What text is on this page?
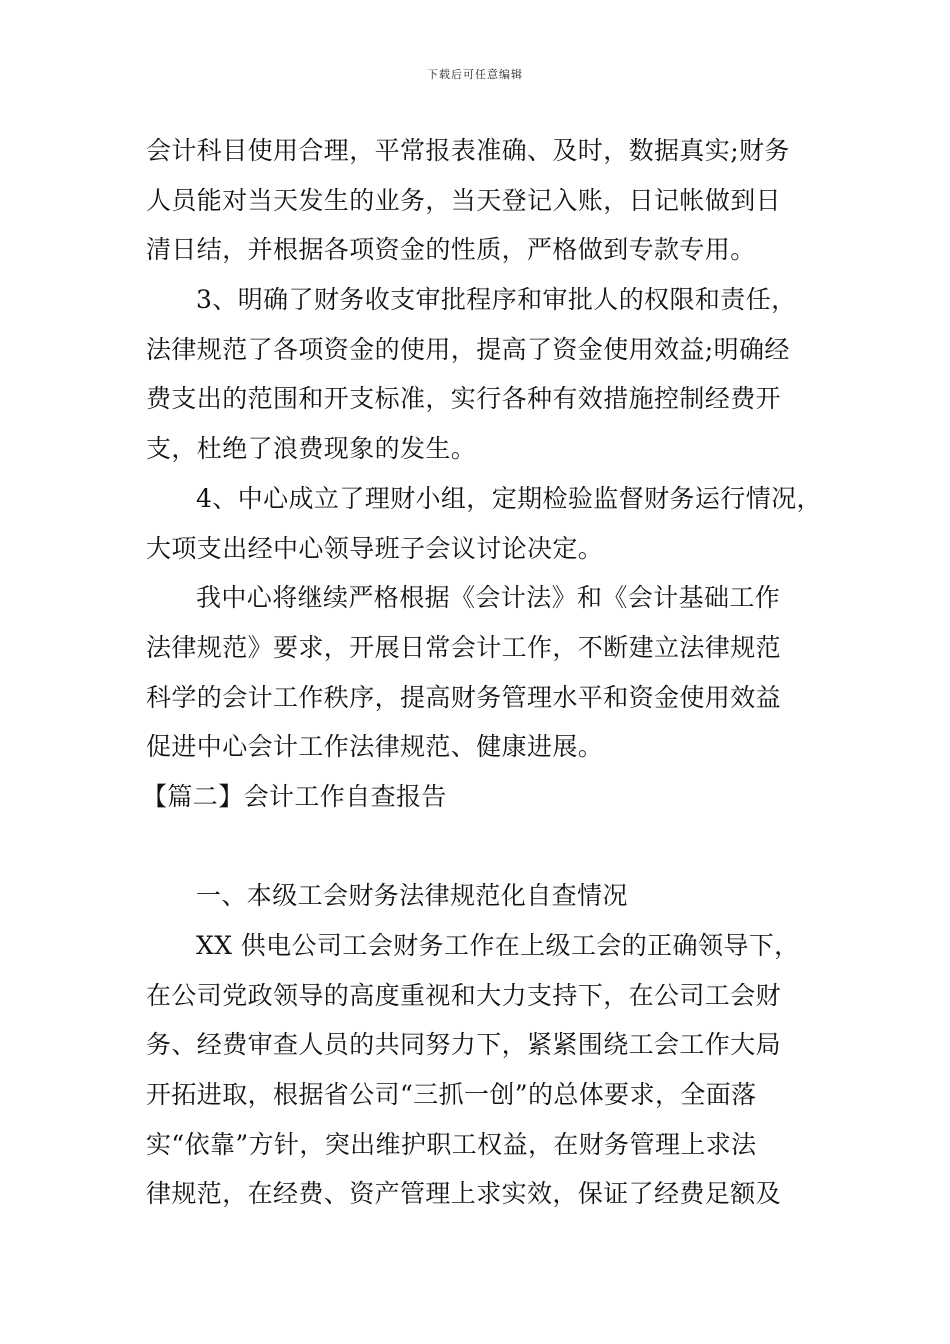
下载后可任意编辑
会计科目使用合理，平常报表准确、及时，数据真实;财务
人员能对当天发生的业务，当天登记入账，日记帐做到日
清日结，并根据各项资金的性质，严格做到专款专用。
3、明确了财务收支审批程序和审批人的权限和责任，
法律规范了各项资金的使用，提高了资金使用效益;明确经
费支出的范围和开支标准，实行各种有效措施控制经费开
支，杜绝了浪费现象的发生。
4、中心成立了理财小组，定期检验监督财务运行情况，
大项支出经中心领导班子会议讨论决定。
我中心将继续严格根据《会计法》和《会计基础工作
法律规范》要求，开展日常会计工作，不断建立法律规范
科学的会计工作秩序，提高财务管理水平和资金使用效益
促进中心会计工作法律规范、健康进展。
【篇二】会计工作自查报告
一、本级工会财务法律规范化自查情况
XX 供电公司工会财务工作在上级工会的正确领导下，
在公司党政领导的高度重视和大力支持下，在公司工会财
务、经费审查人员的共同努力下，紧紧围绕工会工作大局
开拓进取，根据省公司“三抓一创”的总体要求，全面落
实“依靠”方针，突出维护职工权益，在财务管理上求法
律规范，在经费、资产管理上求实效，保证了经费足额及
